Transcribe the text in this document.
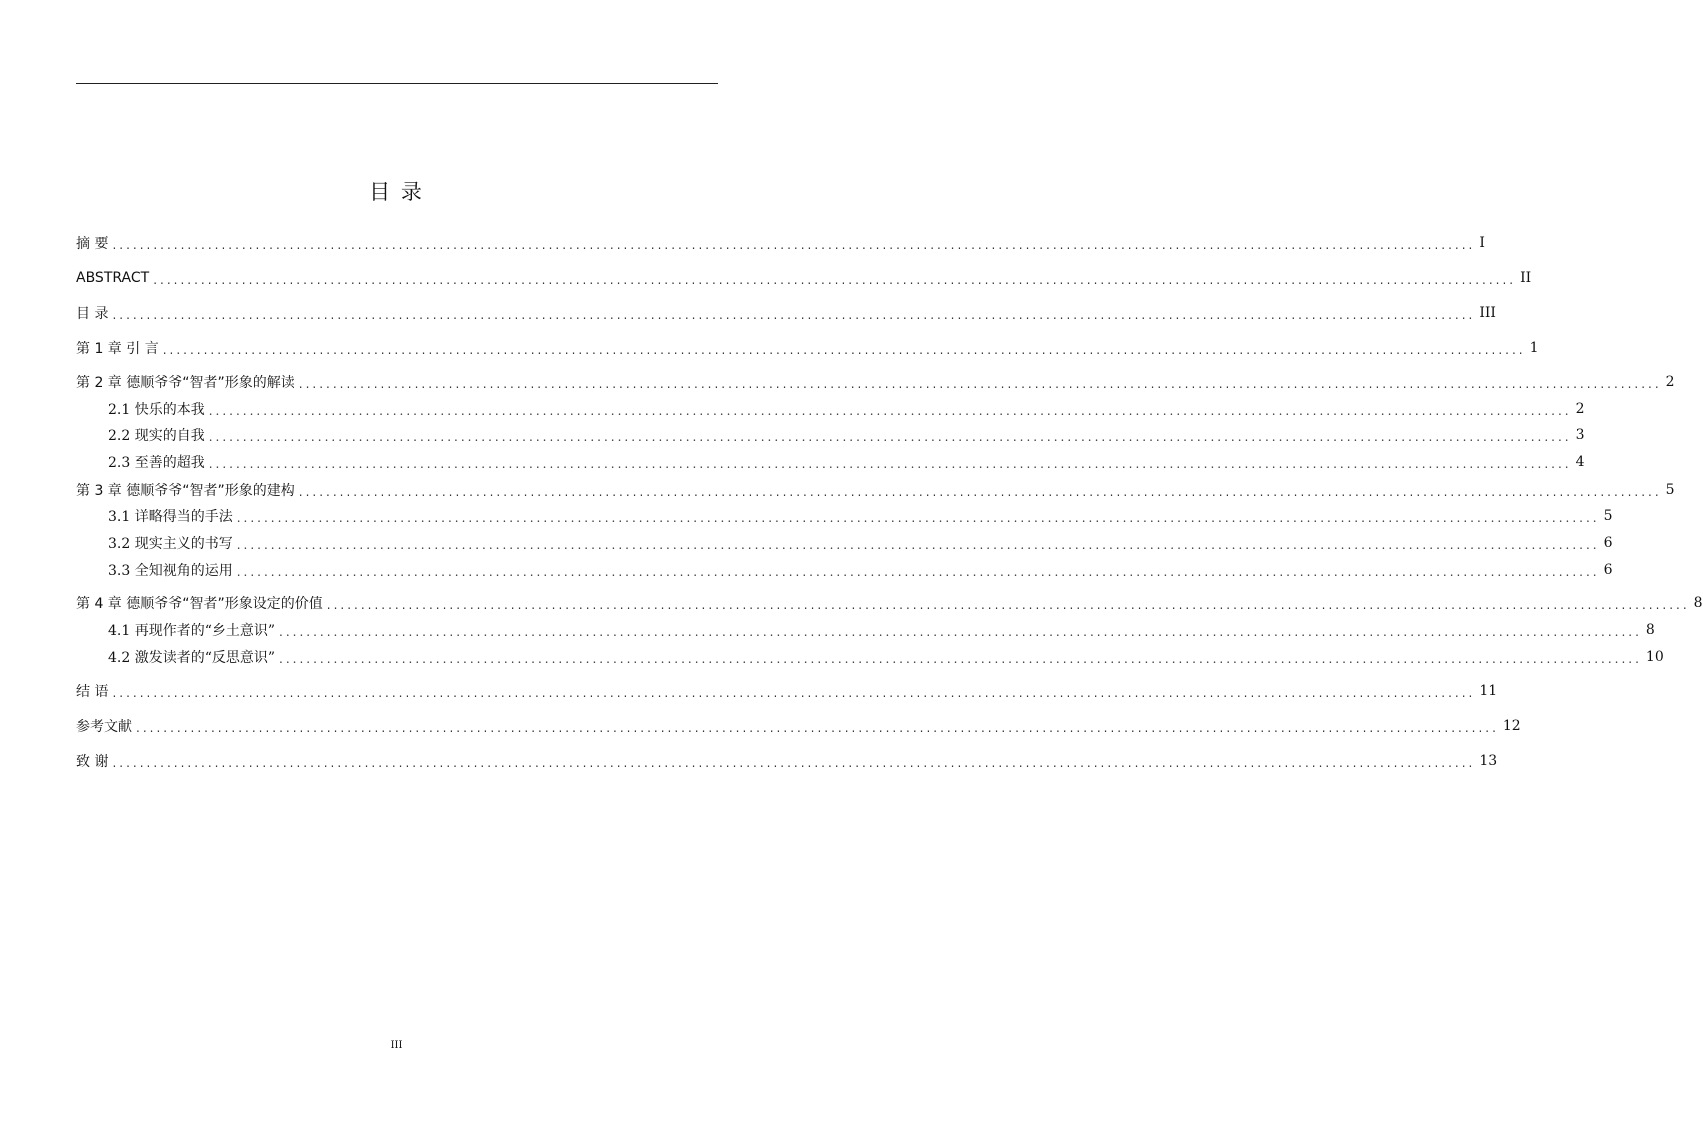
目 录
摘 要 ........................................................................................................................................................................................................ I
ABSTRACT ........................................................................................................................................................................................................ II
目 录 ........................................................................................................................................................................................................ III
第 1 章 引 言 ........................................................................................................................................................................................................ 1
第 2 章 德顺爷爷“智者”形象的解读 ........................................................................................................................................................................................................ 2
2.1 快乐的本我 ........................................................................................................................................................................................................ 2
2.2 现实的自我 ........................................................................................................................................................................................................ 3
2.3 至善的超我 ........................................................................................................................................................................................................ 4
第 3 章 德顺爷爷“智者”形象的建构 ........................................................................................................................................................................................................ 5
3.1 详略得当的手法 ........................................................................................................................................................................................................ 5
3.2 现实主义的书写 ........................................................................................................................................................................................................ 6
3.3 全知视角的运用 ........................................................................................................................................................................................................ 6
第 4 章 德顺爷爷“智者”形象设定的价值 ........................................................................................................................................................................................................ 8
4.1 再现作者的“乡土意识” ........................................................................................................................................................................................................ 8
4.2 激发读者的“反思意识” ........................................................................................................................................................................................................ 10
结 语 ........................................................................................................................................................................................................ 11
参考文献 ........................................................................................................................................................................................................ 12
致 谢 ........................................................................................................................................................................................................ 13
III
